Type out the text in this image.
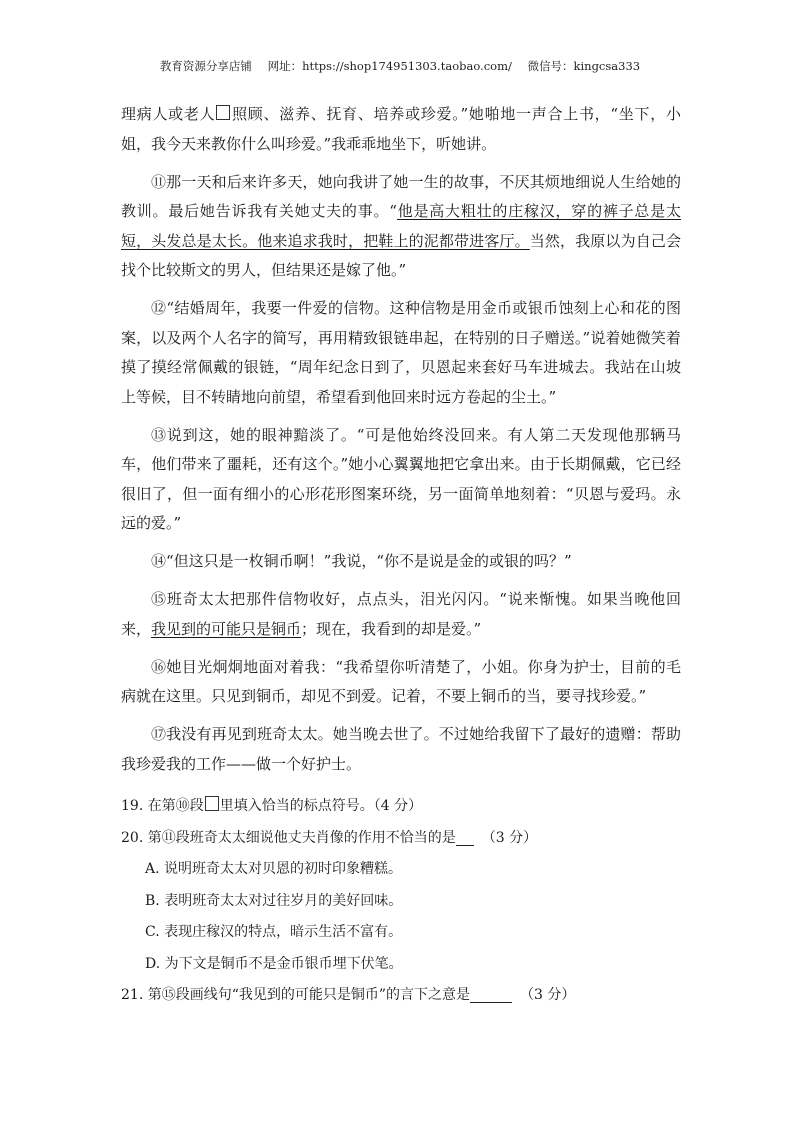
教育资源分享店铺 网址：https://shop174951303.taobao.com/ 微信号：kingcsa333

理病人或老人 照顾、滋养、抚育、培养或珍爱。”她啪地一声合上书，“坐下，小姐，我今天来教你什么叫珍爱。”我乖乖地坐下，听她讲。

⑪那一天和后来许多天，她向我讲了她一生的故事，不厌其烦地细说人生给她的教训。最后她告诉我有关她丈夫的事。“他是高大粗壮的庄稼汉，穿的裤子总是太短，头发总是太长。他来追求我时，把鞋上的泥都带进客厅。当然，我原以为自己会找个比较斯文的男人，但结果还是嫁了他。”

⑫“结婚周年，我要一件爱的信物。这种信物是用金币或银币蚀刻上心和花的图案，以及两个人名字的简写，再用精致银链串起，在特别的日子赠送。”说着她微笑着摸了摸经常佩戴的银链，“周年纪念日到了，贝恩起来套好马车进城去。我站在山坡上等候，目不转睛地向前望，希望看到他回来时远方卷起的尘土。”

⑬说到这，她的眼神黯淡了。“可是他始终没回来。有人第二天发现他那辆马车，他们带来了噩耗，还有这个。”她小心翼翼地把它拿出来。由于长期佩戴，它已经很旧了，但一面有细小的心形花形图案环绕，另一面简单地刻着：“贝恩与爱玛。永远的爱。”

⑭“但这只是一枚铜币啊！”我说，“你不是说是金的或银的吗？”

⑮班奇太太把那件信物收好，点点头，泪光闪闪。“说来惭愧。如果当晚他回来，我见到的可能只是铜币；现在，我看到的却是爱。”

⑯她目光炯炯地面对着我：“我希望你听清楚了，小姐。你身为护士，目前的毛病就在这里。只见到铜币，却见不到爱。记着，不要上铜币的当，要寻找珍爱。”

⑰我没有再见到班奇太太。她当晚去世了。不过她给我留下了最好的遗赠：帮助我珍爱我的工作——做一个好护士。

19. 在第⑩段 里填入恰当的标点符号。（4 分）

20. 第⑪段班奇太太细说他丈夫肖像的作用不恰当的是 （3 分）

A. 说明班奇太太对贝恩的初时印象糟糕。

B. 表明班奇太太对过往岁月的美好回味。

C. 表现庄稼汉的特点，暗示生活不富有。

D. 为下文是铜币不是金币银币埋下伏笔。

21. 第⑮段画线句“我见到的可能只是铜币”的言下之意是	（3 分）
